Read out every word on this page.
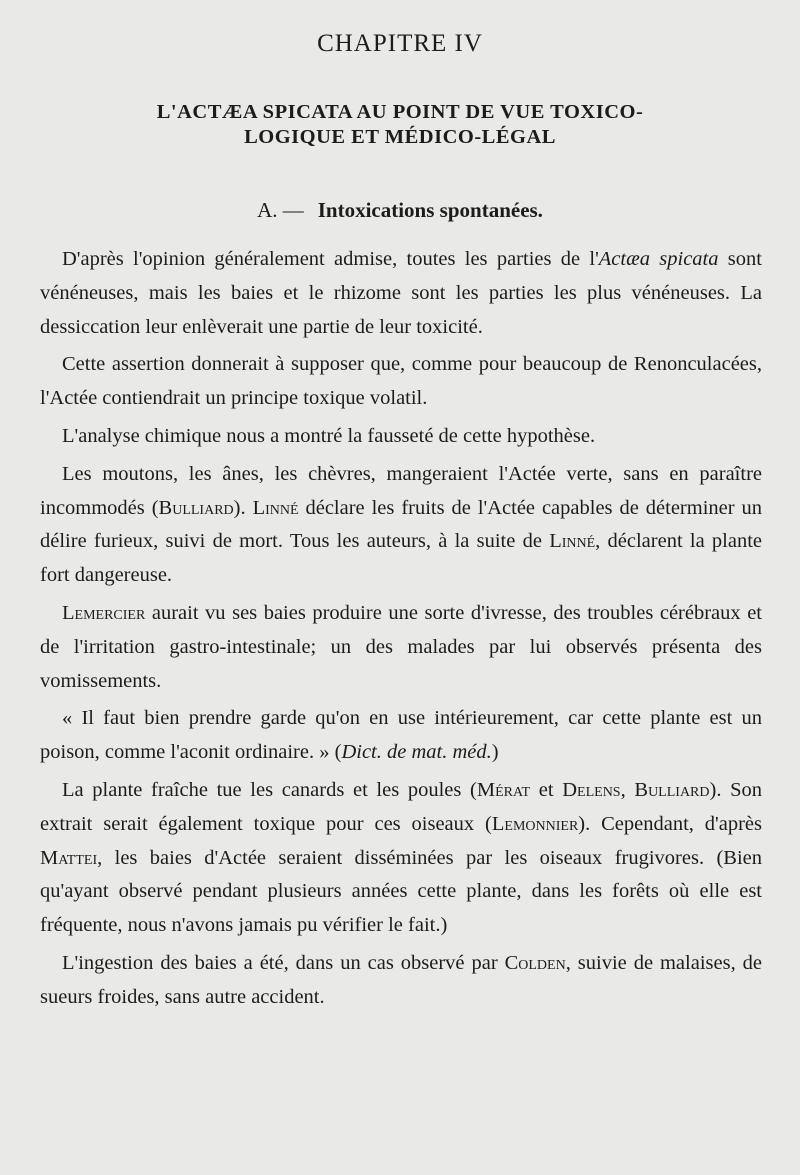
CHAPITRE IV
L'ACTÆA SPICATA AU POINT DE VUE TOXICO-
LOGIQUE ET MÉDICO-LÉGAL
A. — Intoxications spontanées.

D'après l'opinion généralement admise, toutes les parties de l'Actæa spicata sont vénéneuses, mais les baies et le rhizome sont les parties les plus vénéneuses. La dessiccation leur enlèverait une partie de leur toxicité.

Cette assertion donnerait à supposer que, comme pour beaucoup de Renonculacées, l'Actée contiendrait un principe toxique volatil.

L'analyse chimique nous a montré la fausseté de cette hypothèse.

Les moutons, les ânes, les chèvres, mangeraient l'Actée verte, sans en paraître incommodés (Bulliard). Linné déclare les fruits de l'Actée capables de déterminer un délire furieux, suivi de mort. Tous les auteurs, à la suite de Linné, déclarent la plante fort dangereuse.

Lemercier aurait vu ses baies produire une sorte d'ivresse, des troubles cérébraux et de l'irritation gastro-intestinale; un des malades par lui observés présenta des vomissements.

« Il faut bien prendre garde qu'on en use intérieurement, car cette plante est un poison, comme l'aconit ordinaire. » (Dict. de mat. méd.)

La plante fraîche tue les canards et les poules (Mérat et Delens, Bulliard). Son extrait serait également toxique pour ces oiseaux (Lemonnier). Cependant, d'après Mattei, les baies d'Actée seraient disséminées par les oiseaux frugivores. (Bien qu'ayant observé pendant plusieurs années cette plante, dans les forêts où elle est fréquente, nous n'avons jamais pu vérifier le fait.)

L'ingestion des baies a été, dans un cas observé par Colden, suivie de malaises, de sueurs froides, sans autre accident.
